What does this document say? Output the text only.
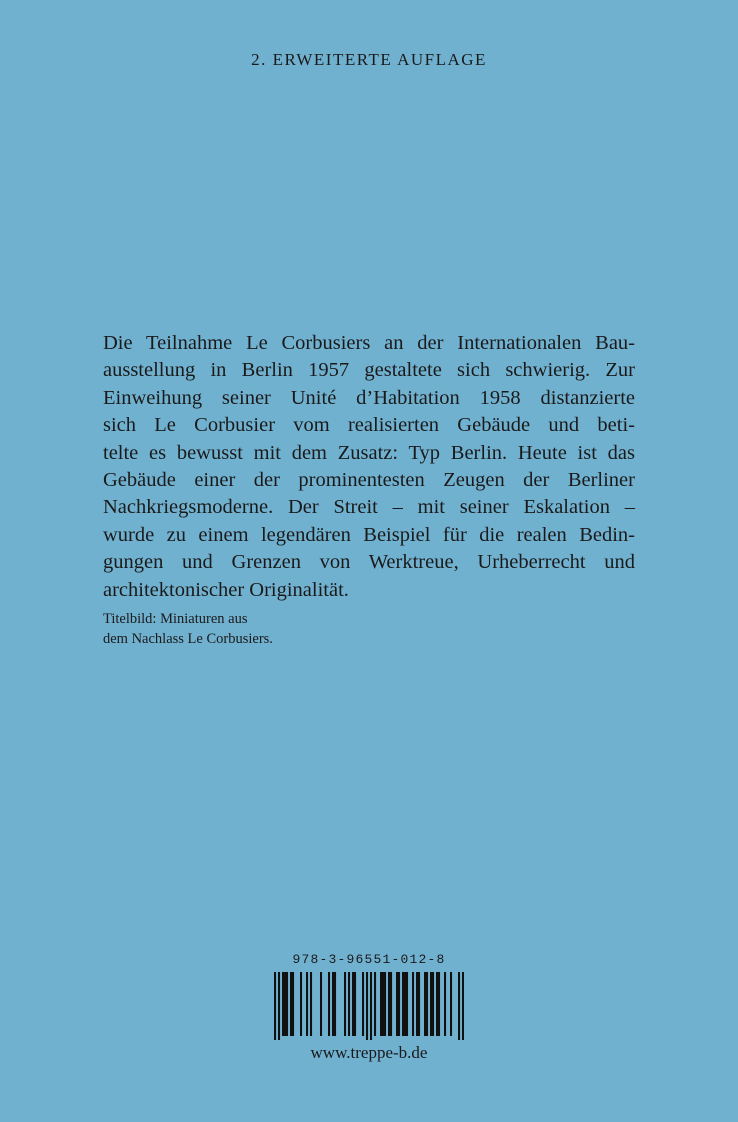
2. ERWEITERTE AUFLAGE
Die Teilnahme Le Corbusiers an der Internationalen Bau-
ausstellung in Berlin 1957 gestaltete sich schwierig. Zur
Einweihung seiner Unité d’Habitation 1958 distanzierte
sich Le Corbusier vom realisierten Gebäude und beti-
telte es bewusst mit dem Zusatz: Typ Berlin. Heute ist das
Gebäude einer der prominentesten Zeugen der Berliner
Nachkriegsmoderne. Der Streit – mit seiner Eskalation –
wurde zu einem legendären Beispiel für die realen Bedin-
gungen und Grenzen von Werktreue, Urheberrecht und
architektonischer Originalität.
Titelbild: Miniaturen aus
dem Nachlass Le Corbusiers.
978-3-96551-012-8
www.treppe-b.de
